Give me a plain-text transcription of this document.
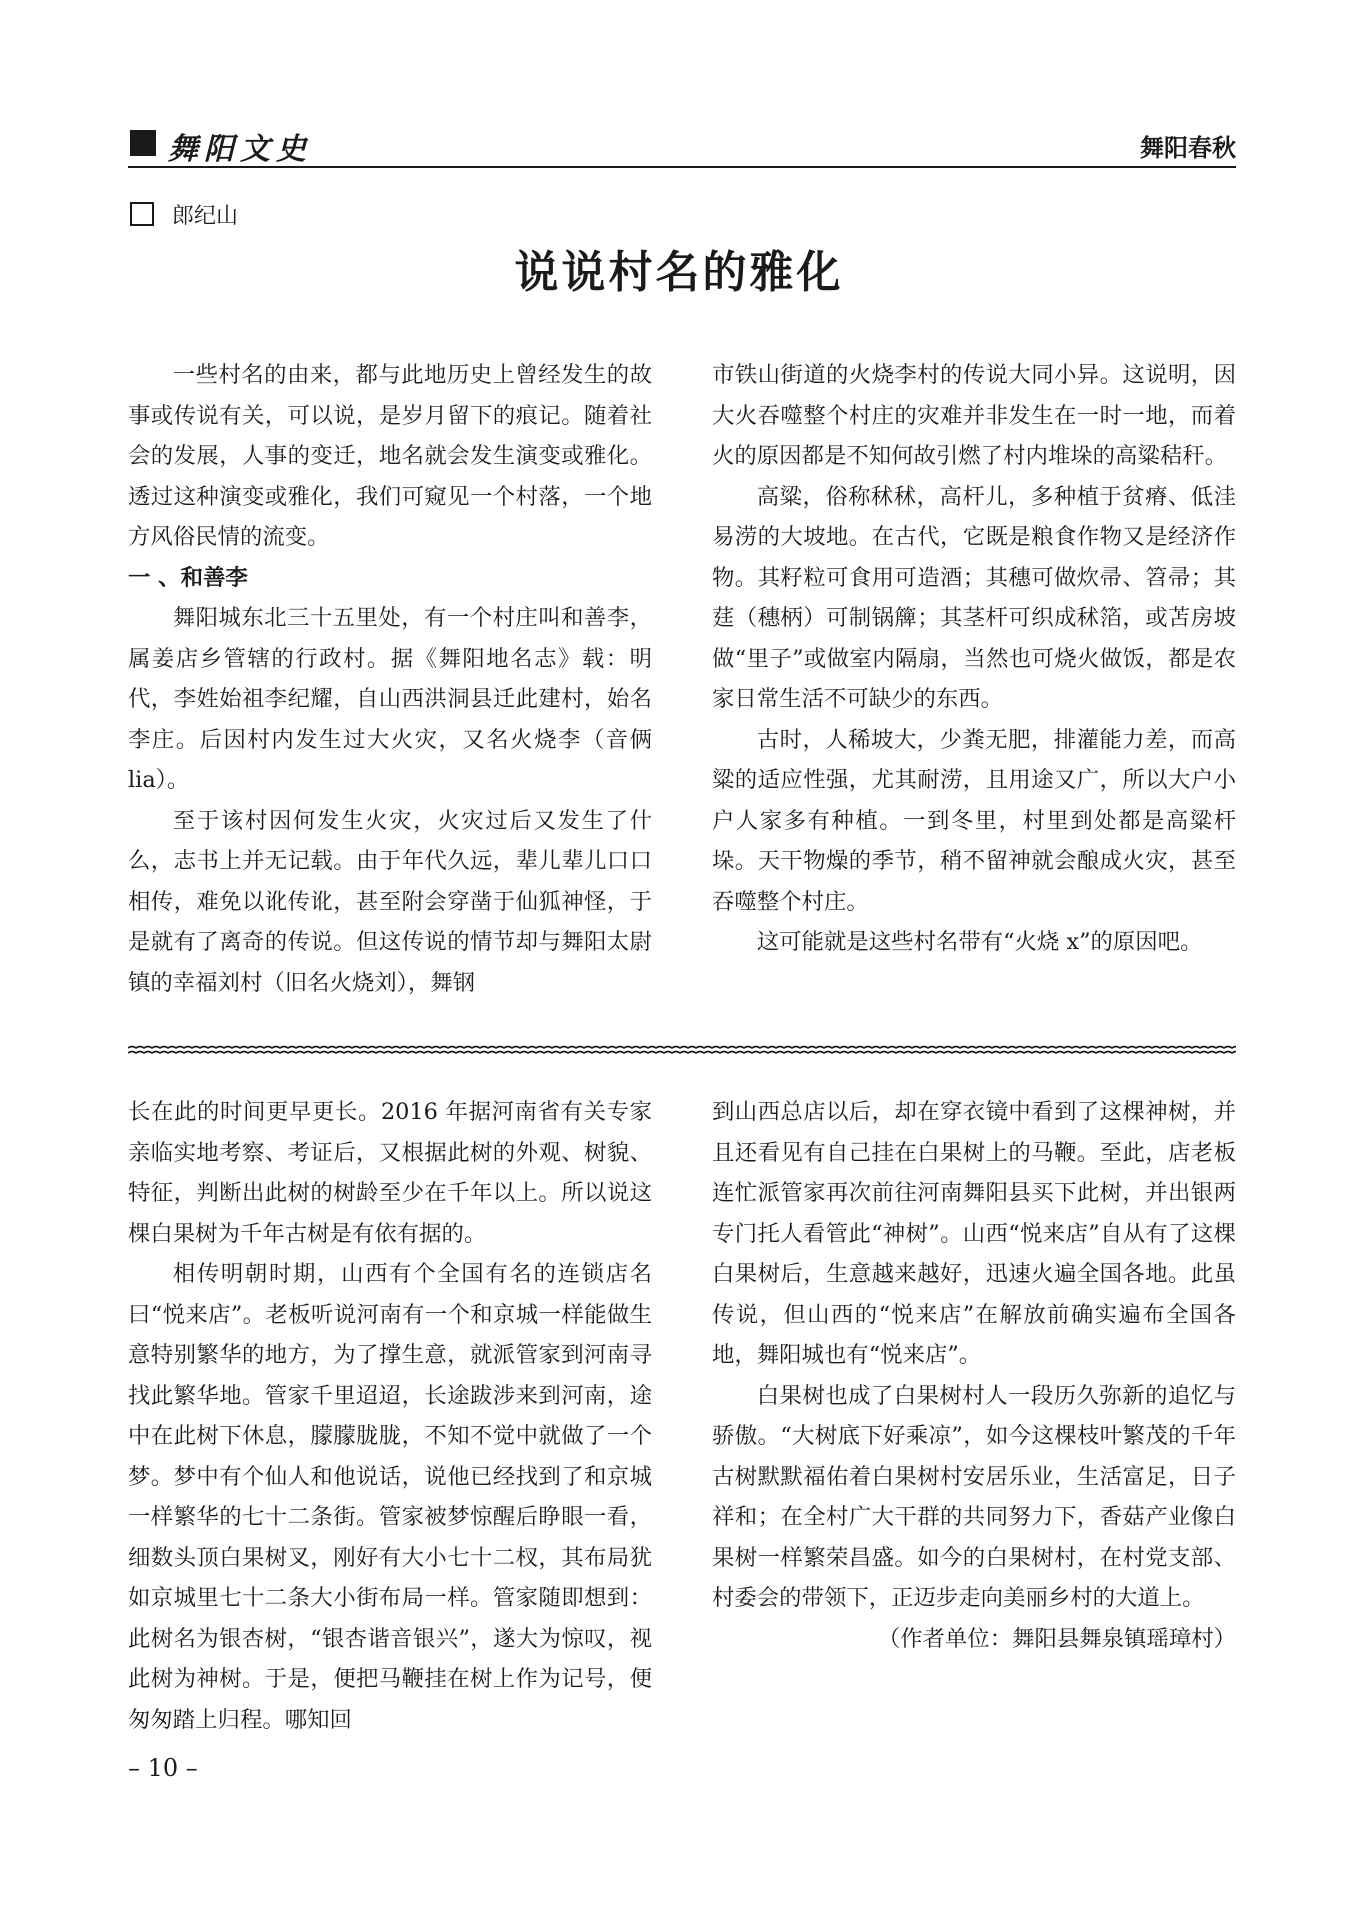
舞阳文史	舞阳春秋
郎纪山
说说村名的雅化

一些村名的由来，都与此地历史上曾经发生的故事或传说有关，可以说，是岁月留下的痕记。随着社会的发展，人事的变迁，地名就会发生演变或雅化。透过这种演变或雅化，我们可窥见一个村落，一个地方风俗民情的流变。

一 、和善李

舞阳城东北三十五里处，有一个村庄叫和善李，属姜店乡管辖的行政村。据《舞阳地名志》载：明代，李姓始祖李纪耀，自山西洪洞县迁此建村，始名李庄。后因村内发生过大火灾，又名火烧李（音俩 lia）。

至于该村因何发生火灾，火灾过后又发生了什么，志书上并无记载。由于年代久远，辈儿辈儿口口相传，难免以讹传讹，甚至附会穿凿于仙狐神怪，于是就有了离奇的传说。但这传说的情节却与舞阳太尉镇的幸福刘村（旧名火烧刘），舞钢

市铁山街道的火烧李村的传说大同小异。这说明，因大火吞噬整个村庄的灾难并非发生在一时一地，而着火的原因都是不知何故引燃了村内堆垛的高粱秸秆。

高粱，俗称秫秫，高杆儿，多种植于贫瘠、低洼易涝的大坡地。在古代，它既是粮食作物又是经济作物。其籽粒可食用可造酒；其穗可做炊帚、笤帚；其莛（穗柄）可制锅簰；其茎杆可织成秫箔，或苫房坡做“里子”或做室内隔扇，当然也可烧火做饭，都是农家日常生活不可缺少的东西。

古时，人稀坡大，少粪无肥，排灌能力差，而高粱的适应性强，尤其耐涝，且用途又广，所以大户小户人家多有种植。一到冬里，村里到处都是高粱杆垛。天干物燥的季节，稍不留神就会酿成火灾，甚至吞噬整个村庄。

这可能就是这些村名带有“火烧 x”的原因吧。

长在此的时间更早更长。2016 年据河南省有关专家亲临实地考察、考证后，又根据此树的外观、树貌、特征，判断出此树的树龄至少在千年以上。所以说这棵白果树为千年古树是有依有据的。

相传明朝时期，山西有个全国有名的连锁店名曰“悦来店”。老板听说河南有一个和京城一样能做生意特别繁华的地方，为了撑生意，就派管家到河南寻找此繁华地。管家千里迢迢，长途跋涉来到河南，途中在此树下休息，朦朦胧胧，不知不觉中就做了一个梦。梦中有个仙人和他说话，说他已经找到了和京城一样繁华的七十二条街。管家被梦惊醒后睁眼一看，细数头顶白果树叉，刚好有大小七十二杈，其布局犹如京城里七十二条大小街布局一样。管家随即想到：此树名为银杏树，“银杏谐音银兴”，遂大为惊叹，视此树为神树。于是，便把马鞭挂在树上作为记号，便匆匆踏上归程。哪知回

到山西总店以后，却在穿衣镜中看到了这棵神树，并且还看见有自己挂在白果树上的马鞭。至此，店老板连忙派管家再次前往河南舞阳县买下此树，并出银两专门托人看管此“神树”。山西“悦来店”自从有了这棵白果树后，生意越来越好，迅速火遍全国各地。此虽传说，但山西的“悦来店”在解放前确实遍布全国各地，舞阳城也有“悦来店”。

白果树也成了白果树村人一段历久弥新的追忆与骄傲。“大树底下好乘凉”，如今这棵枝叶繁茂的千年古树默默福佑着白果树村安居乐业，生活富足，日子祥和；在全村广大干群的共同努力下，香菇产业像白果树一样繁荣昌盛。如今的白果树村，在村党支部、村委会的带领下，正迈步走向美丽乡村的大道上。

（作者单位：舞阳县舞泉镇瑶璋村）

– 10 –
